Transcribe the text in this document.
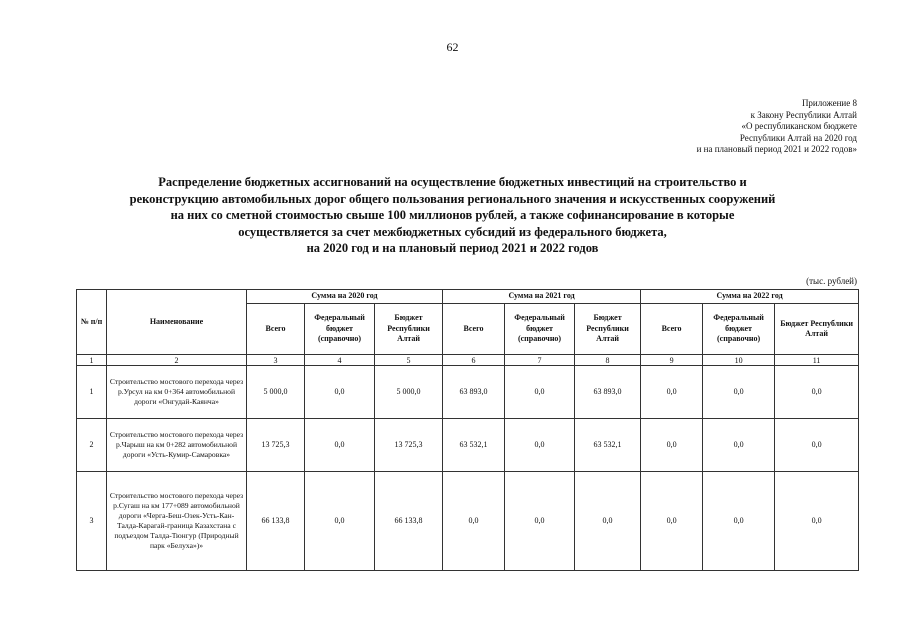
62
Приложение 8
к Закону Республики Алтай
«О республиканском бюджете
Республики Алтай на 2020 год
и на плановый период 2021 и 2022 годов»
Распределение бюджетных ассигнований на осуществление бюджетных инвестиций на строительство и
реконструкцию автомобильных дорог общего пользования регионального значения и искусственных сооружений
на них со сметной стоимостью свыше 100 миллионов рублей, а также софинансирование в которые
осуществляется за счет межбюджетных субсидий из федерального бюджета,
на 2020 год и на плановый период 2021 и 2022 годов
(тыс. рублей)
№ п/п	Наименование	Сумма на 2020 год			Сумма на 2021 год			Сумма на 2022 год		
		Всего	Федеральный бюджет (справочно)	Бюджет Республики Алтай	Всего	Федеральный бюджет (справочно)	Бюджет Республики Алтай	Всего	Федеральный бюджет (справочно)	Бюджет Республики Алтай
1	2	3	4	5	6	7	8	9	10	11
1	Строительство мостового перехода через р.Урсул на км 0+364 автомобильной дороги «Онгудай-Каянча»	5 000,0	0,0	5 000,0	63 893,0	0,0	63 893,0	0,0	0,0	0,0
2	Строительство мостового перехода через р.Чарыш на км 0+282 автомобильной дороги «Усть-Кумир-Самаровка»	13 725,3	0,0	13 725,3	63 532,1	0,0	63 532,1	0,0	0,0	0,0
3	Строительство мостового перехода через р.Сугаш на км 177+089 автомобильной дороги «Черга-Беш-Озек-Усть-Кан-Талда-Карагай-граница Казахстана с подъездом Талда-Тюнгур (Природный парк «Белуха»)»	66 133,8	0,0	66 133,8	0,0	0,0	0,0	0,0	0,0	0,0
